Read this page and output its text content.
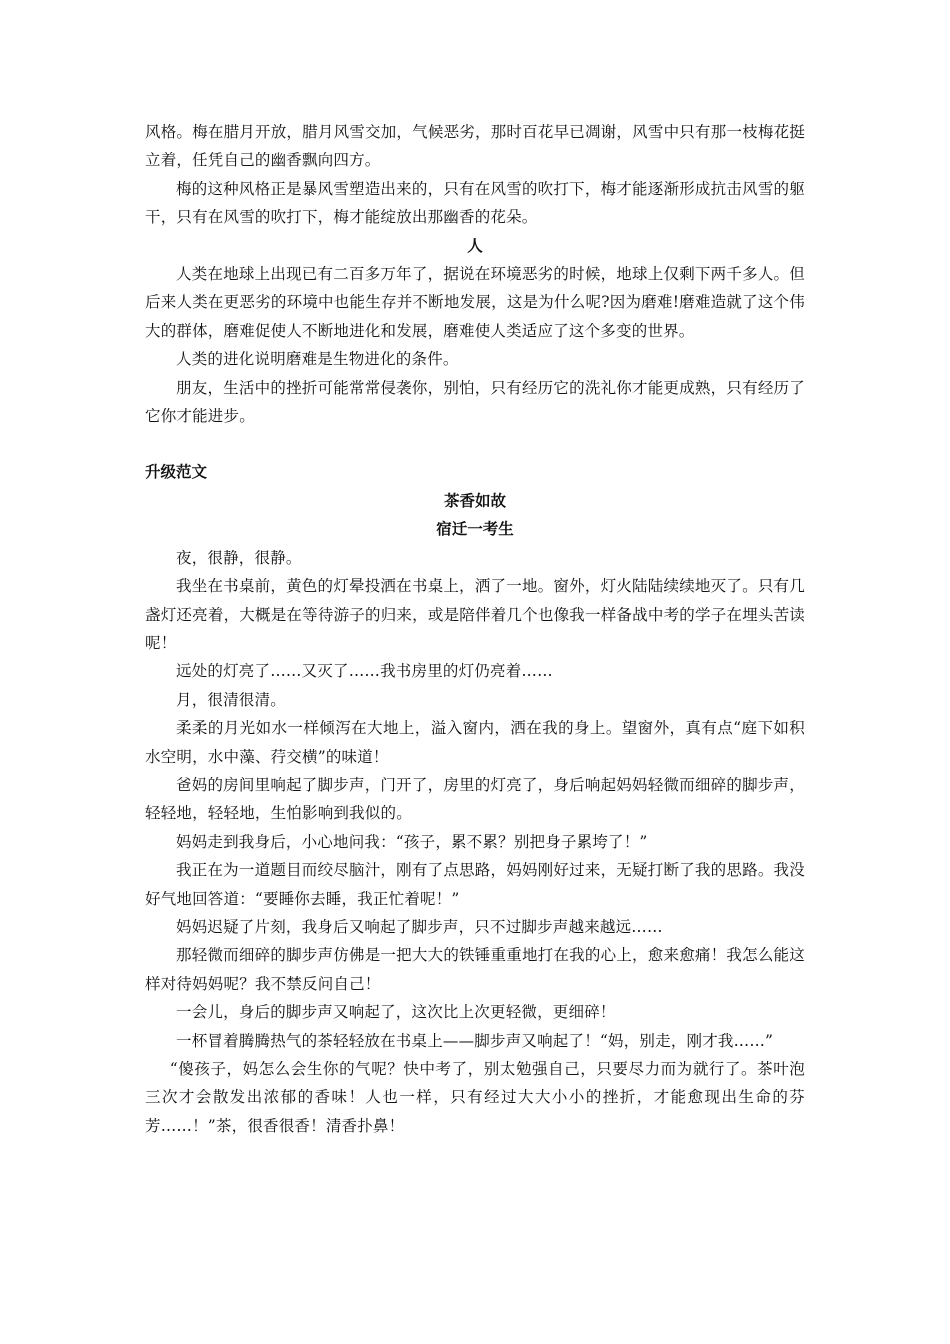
风格。梅在腊月开放，腊月风雪交加，气候恶劣，那时百花早已凋谢，风雪中只有那一枝梅花挺立着，任凭自己的幽香飘向四方。

梅的这种风格正是暴风雪塑造出来的，只有在风雪的吹打下，梅才能逐渐形成抗击风雪的躯干，只有在风雪的吹打下，梅才能绽放出那幽香的花朵。

人

人类在地球上出现已有二百多万年了，据说在环境恶劣的时候，地球上仅剩下两千多人。但后来人类在更恶劣的环境中也能生存并不断地发展，这是为什么呢?因为磨难!磨难造就了这个伟大的群体，磨难促使人不断地进化和发展，磨难使人类适应了这个多变的世界。

人类的进化说明磨难是生物进化的条件。

朋友，生活中的挫折可能常常侵袭你，别怕，只有经历它的洗礼你才能更成熟，只有经历了它你才能进步。

升级范文
茶香如故
宿迁一考生

夜，很静，很静。

我坐在书桌前，黄色的灯晕投洒在书桌上，洒了一地。窗外，灯火陆陆续续地灭了。只有几盏灯还亮着，大概是在等待游子的归来，或是陪伴着几个也像我一样备战中考的学子在埋头苦读呢！

远处的灯亮了……又灭了……我书房里的灯仍亮着……

月，很清很清。

柔柔的月光如水一样倾泻在大地上，溢入窗内，洒在我的身上。望窗外，真有点“庭下如积水空明，水中藻、荇交横”的味道！

爸妈的房间里响起了脚步声，门开了，房里的灯亮了，身后响起妈妈轻微而细碎的脚步声，轻轻地，轻轻地，生怕影响到我似的。

妈妈走到我身后，小心地问我：“孩子，累不累？别把身子累垮了！”

我正在为一道题目而绞尽脑汁，刚有了点思路，妈妈刚好过来，无疑打断了我的思路。我没好气地回答道：“要睡你去睡，我正忙着呢！”

妈妈迟疑了片刻，我身后又响起了脚步声，只不过脚步声越来越远……

那轻微而细碎的脚步声仿佛是一把大大的铁锤重重地打在我的心上，愈来愈痛！我怎么能这样对待妈妈呢？我不禁反问自己！

一会儿，身后的脚步声又响起了，这次比上次更轻微，更细碎！

一杯冒着腾腾热气的茶轻轻放在书桌上——脚步声又响起了！“妈，别走，刚才我……”

“傻孩子，妈怎么会生你的气呢？快中考了，别太勉强自己，只要尽力而为就行了。茶叶泡三次才会散发出浓郁的香味！人也一样，只有经过大大小小的挫折，才能愈现出生命的芬芳……！”茶，很香很香！清香扑鼻！
